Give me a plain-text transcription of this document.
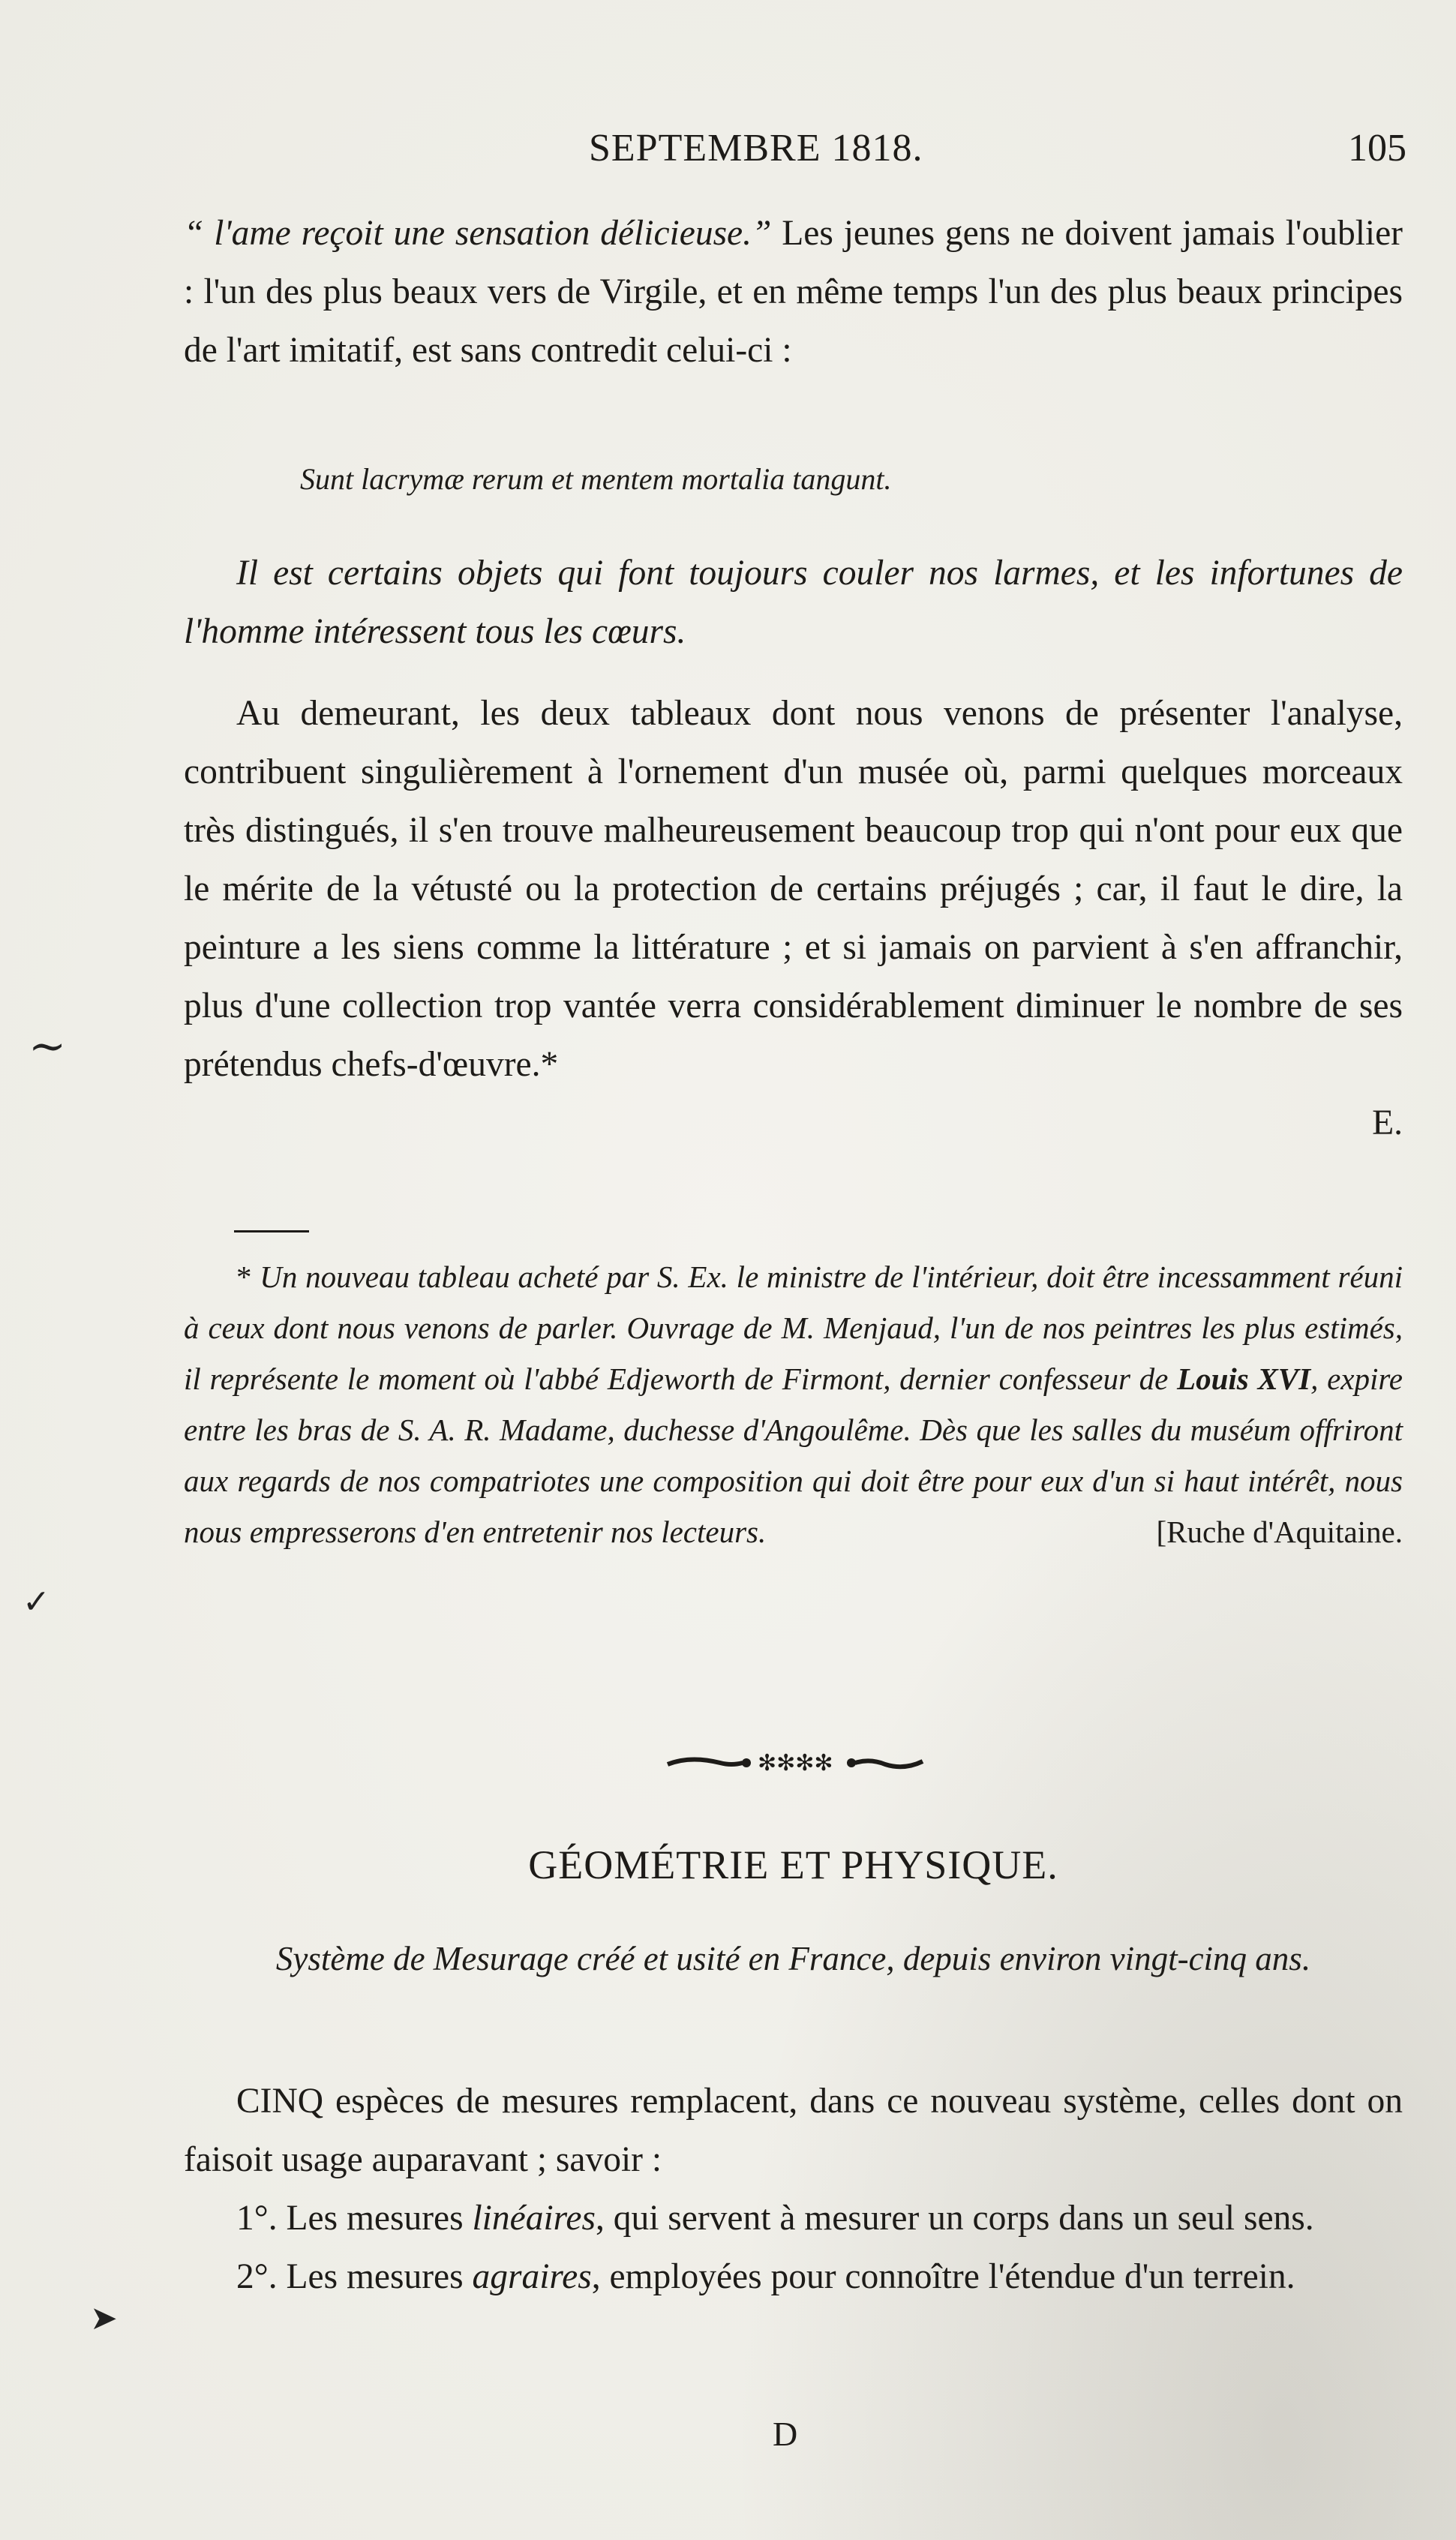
SEPTEMBRE 1818.	105

“ l'ame reçoit une sensation délicieuse.” Les jeunes gens ne doivent jamais l'oublier : l'un des plus beaux vers de Virgile, et en même temps l'un des plus beaux principes de l'art imitatif, est sans contredit celui-ci :

Sunt lacrymæ rerum et mentem mortalia tangunt.

Il est certains objets qui font toujours couler nos larmes, et les infortunes de l'homme intéressent tous les cœurs.

Au demeurant, les deux tableaux dont nous venons de présenter l'analyse, contribuent singulièrement à l'ornement d'un musée où, parmi quelques morceaux très distingués, il s'en trouve malheureusement beaucoup trop qui n'ont pour eux que le mérite de la vétusté ou la protection de certains préjugés ; car, il faut le dire, la peinture a les siens comme la littérature ; et si jamais on parvient à s'en affranchir, plus d'une collection trop vantée verra considérablement diminuer le nombre de ses prétendus chefs-d'œuvre.*

E.

* Un nouveau tableau acheté par S. Ex. le ministre de l'intérieur, doit être incessamment réuni à ceux dont nous venons de parler. Ouvrage de M. Menjaud, l'un de nos peintres les plus estimés, il représente le moment où l'abbé Edjeworth de Firmont, dernier confesseur de Louis XVI, expire entre les bras de S. A. R. Madame, duchesse d'Angoulême. Dès que les salles du muséum offriront aux regards de nos compatriotes une composition qui doit être pour eux d'un si haut intérêt, nous nous empresserons d'en entretenir nos lecteurs.	[Ruche d'Aquitaine.

✻✻✻✻
GÉOMÉTRIE ET PHYSIQUE.
Système de Mesurage créé et usité en France, depuis environ vingt-cinq ans.

CINQ espèces de mesures remplacent, dans ce nouveau système, celles dont on faisoit usage auparavant ; savoir :

1°. Les mesures linéaires, qui servent à mesurer un corps dans un seul sens.

2°. Les mesures agraires, employées pour connoître l'étendue d'un terrein.

D
~
✓
➤
